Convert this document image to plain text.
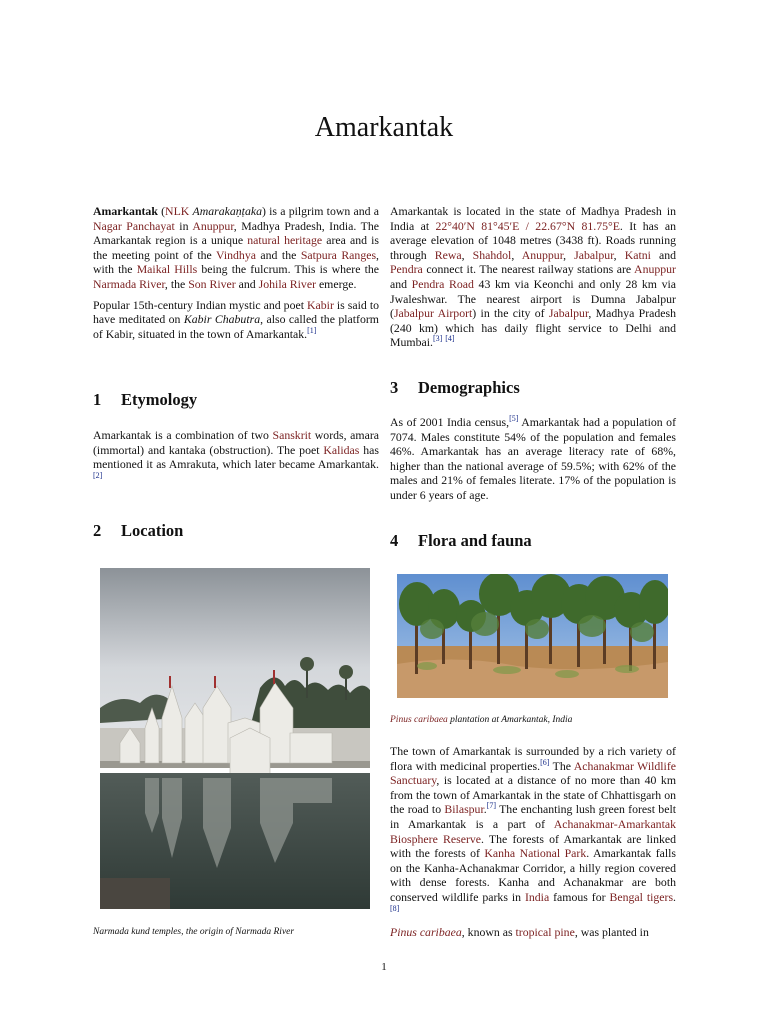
Amarkantak

Amarkantak (NLK Amarakaṇṭaka) is a pilgrim town and a Nagar Panchayat in Anuppur, Madhya Pradesh, India. The Amarkantak region is a unique natural heritage area and is the meeting point of the Vindhya and the Satpura Ranges, with the Maikal Hills being the fulcrum. This is where the Narmada River, the Son River and Johila River emerge.

Popular 15th-century Indian mystic and poet Kabir is said to have meditated on Kabir Chabutra, also called the platform of Kabir, situated in the town of Amarkantak.[1]

1 Etymology

Amarkantak is a combination of two Sanskrit words, amara (immortal) and kantaka (obstruction). The poet Kalidas has mentioned it as Amrakuta, which later became Amarkantak.[2]

2 Location
Narmada kund temples, the origin of Narmada River

Amarkantak is located in the state of Madhya Pradesh in India at 22°40′N 81°45′E / 22.67°N 81.75°E. It has an average elevation of 1048 metres (3438 ft). Roads running through Rewa, Shahdol, Anuppur, Jabalpur, Katni and Pendra connect it. The nearest railway stations are Anuppur and Pendra Road 43 km via Keonchi and only 28 km via Jwaleshwar. The nearest airport is Dumna Jabalpur (Jabalpur Airport) in the city of Jabalpur, Madhya Pradesh (240 km) which has daily flight service to Delhi and Mumbai.[3] [4]

3 Demographics

As of 2001 India census,[5] Amarkantak had a population of 7074. Males constitute 54% of the population and females 46%. Amarkantak has an average literacy rate of 68%, higher than the national average of 59.5%; with 62% of the males and 21% of females literate. 17% of the population is under 6 years of age.

4 Flora and fauna
Pinus caribaea plantation at Amarkantak, India

The town of Amarkantak is surrounded by a rich variety of flora with medicinal properties.[6] The Achanakmar Wildlife Sanctuary, is located at a distance of no more than 40 km from the town of Amarkantak in the state of Chhattisgarh on the road to Bilaspur.[7] The enchanting lush green forest belt in Amarkantak is a part of Achanakmar-Amarkantak Biosphere Reserve. The forests of Amarkantak are linked with the forests of Kanha National Park. Amarkantak falls on the Kanha-Achanakmar Corridor, a hilly region covered with dense forests. Kanha and Achanakmar are both conserved wildlife parks in India famous for Bengal tigers.[8]

Pinus caribaea, known as tropical pine, was planted in

1
